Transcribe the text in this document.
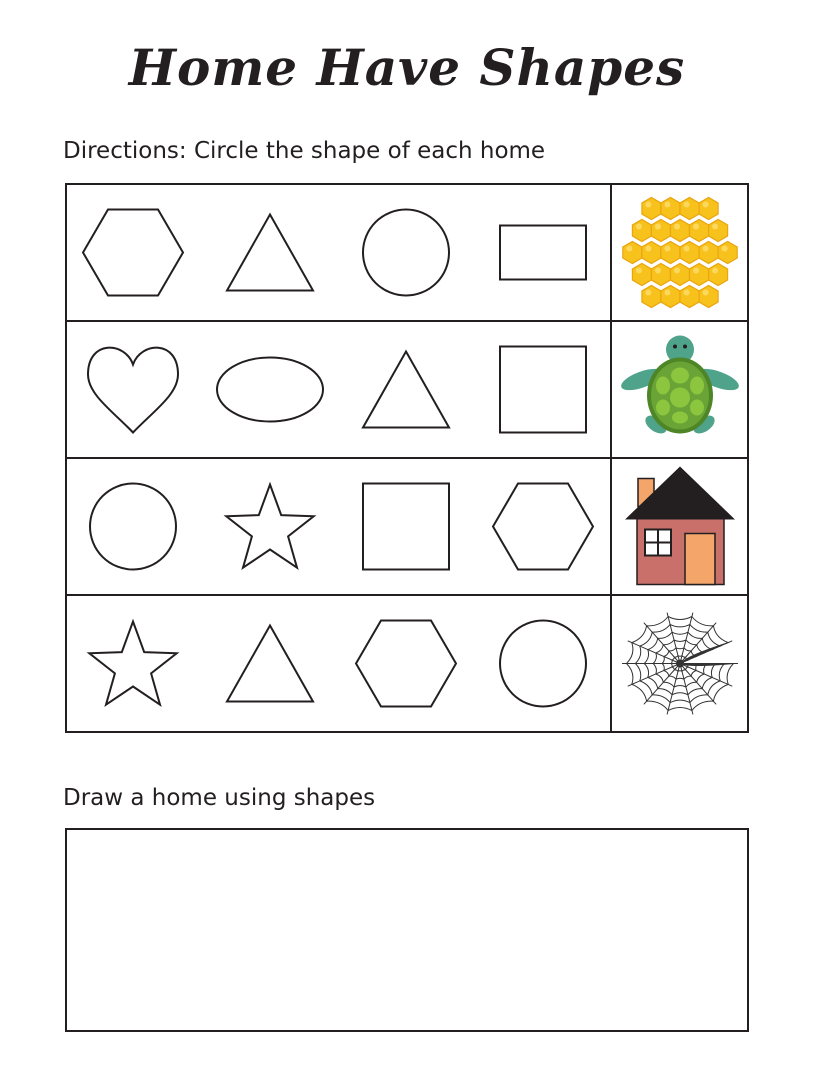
Home Have Shapes
Directions: Circle the shape of each home
Draw a home using shapes
